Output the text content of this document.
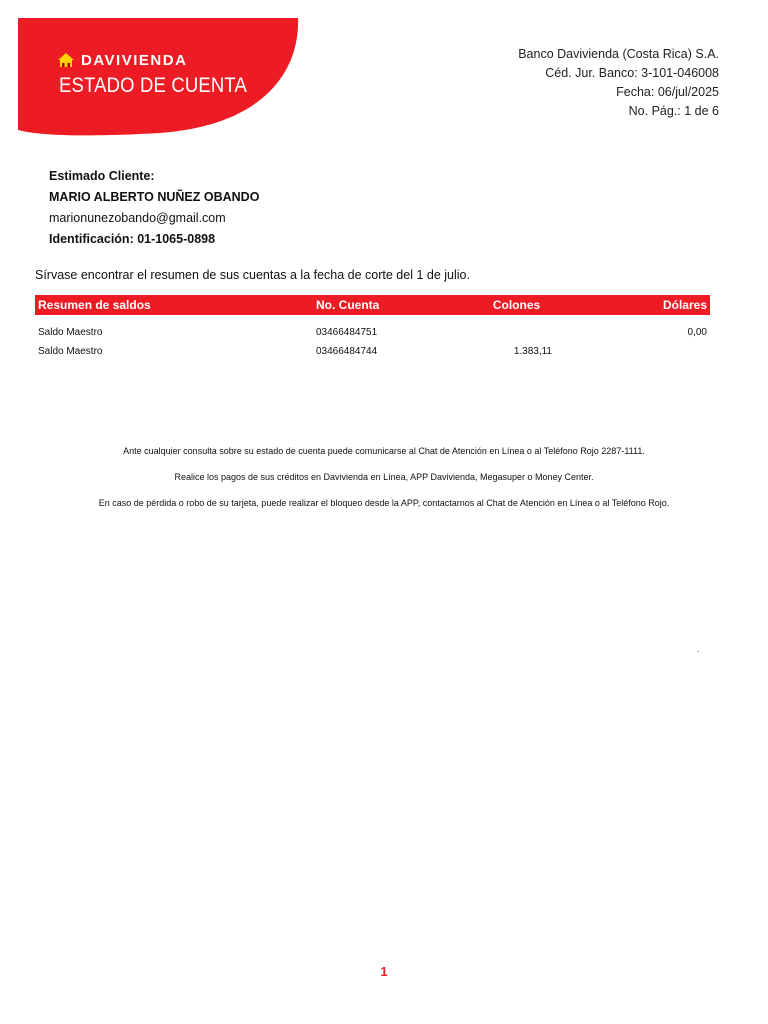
DAVIVIENDA
ESTADO DE CUENTA
Banco Davivienda (Costa Rica) S.A.
Céd. Jur. Banco: 3-101-046008
Fecha: 06/jul/2025
No. Pág.: 1 de 6
Estimado Cliente:
MARIO ALBERTO NUÑEZ OBANDO
marionunezobando@gmail.com
Identificación: 01-1065-0898
Sírvase encontrar el resumen de sus cuentas a la fecha de corte del 1 de julio.
Resumen de saldos	No. Cuenta	Colones	Dólares
Saldo Maestro	03466484751		0,00
Saldo Maestro	03466484744	1.383,11	

Ante cualquier consulta sobre su estado de cuenta puede comunicarse al Chat de Atención en Línea o al Teléfono Rojo 2287-1111.

Realice los pagos de sus créditos en Davivienda en Línea, APP Davivienda, Megasuper o Money Center.

En caso de pérdida o robo de su tarjeta, puede realizar el bloqueo desde la APP, contactarnos al Chat de Atención en Línea o al Teléfono Rojo.

.
1
